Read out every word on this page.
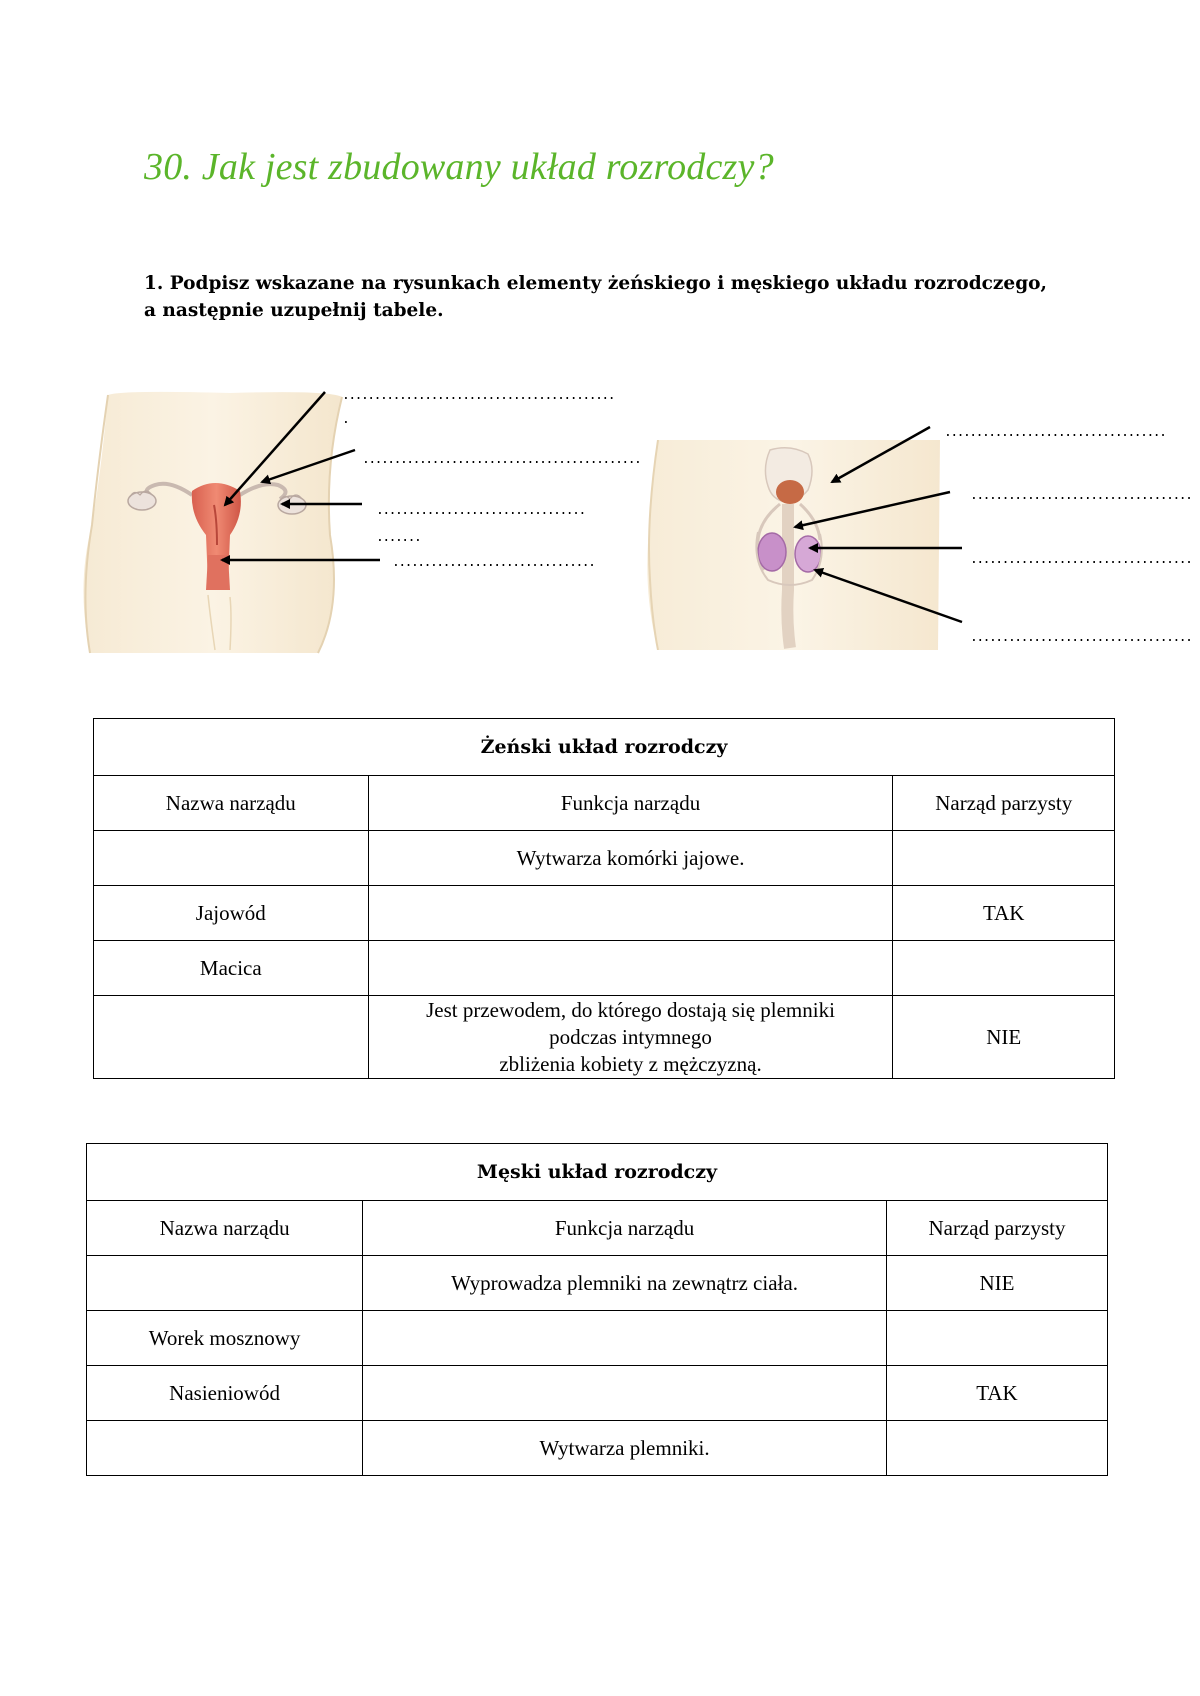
30. Jak jest zbudowany układ rozrodczy?
1. Podpisz wskazane na rysunkach elementy żeńskiego i męskiego układu rozrodczego,
a następnie uzupełnij tabele.
...........................................
.
............................................
.................................
.......
................................
...................................
...................................
...................................
...................................
Żeński układ rozrodczy		
Nazwa narządu	Funkcja narządu	Narząd parzysty
	Wytwarza komórki jajowe.	
Jajowód		TAK
Macica		

	Jest przewodem, do którego dostają się plemniki
podczas intymnego
zbliżenia kobiety z mężczyzną.	NIE
Męski układ rozrodczy		
Nazwa narządu	Funkcja narządu	Narząd parzysty
	Wyprowadza plemniki na zewnątrz ciała.	NIE
Worek mosznowy		
Nasieniowód		TAK
	Wytwarza plemniki.	
